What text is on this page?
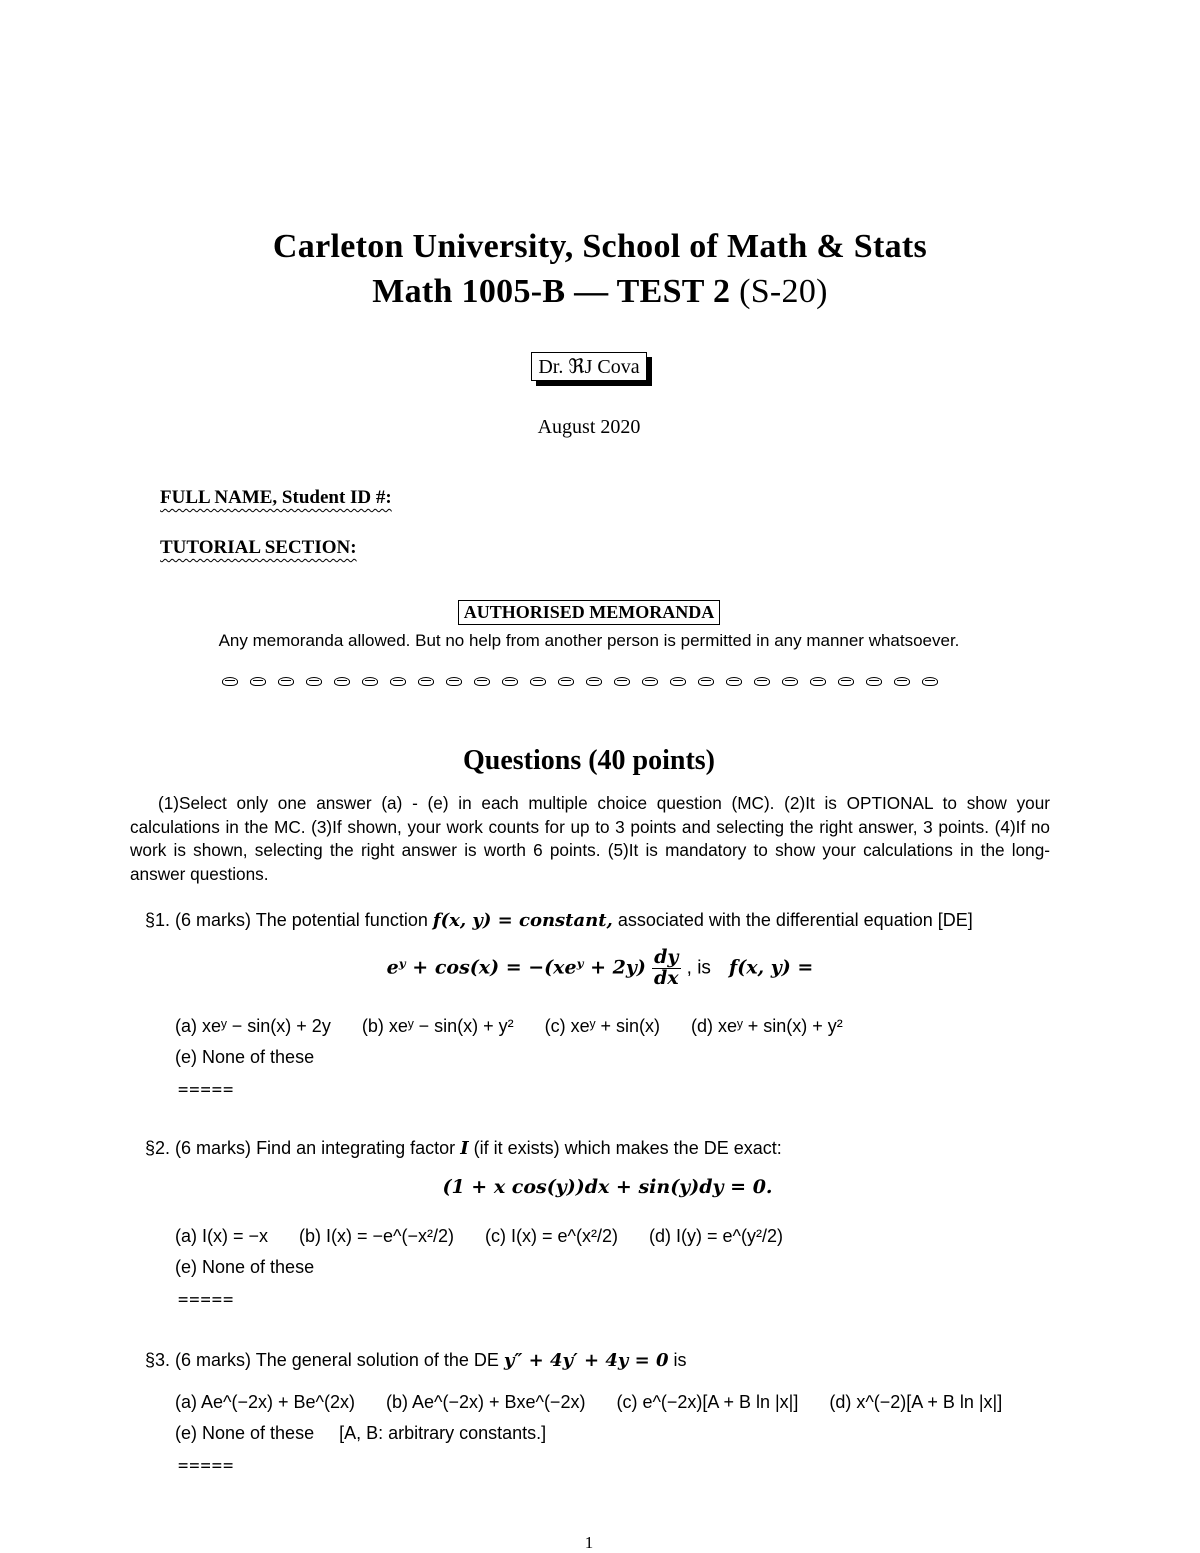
Carleton University, School of Math & Stats
Math 1005-B — TEST 2 (S-20)
Dr. ℜJ Cova
August 2020
FULL NAME, Student ID #:
TUTORIAL SECTION:
AUTHORISED MEMORANDA
Any memoranda allowed. But no help from another person is permitted in any manner whatsoever.
Questions (40 points)
(1)Select only one answer (a) - (e) in each multiple choice question (MC). (2)It is OPTIONAL to show your calculations in the MC. (3)If shown, your work counts for up to 3 points and selecting the right answer, 3 points. (4)If no work is shown, selecting the right answer is worth 6 points. (5)It is mandatory to show your calculations in the long-answer questions.
§1. (6 marks) The potential function f(x, y) = constant, associated with the differential equation [DE]
eʸ + cos(x) = −(xeʸ + $2y) \frac{dy}{dx}$ , is f(x, y) =
(a) xeʸ − sin(x) + 2y (b) xeʸ − sin(x) + y² (c) xeʸ + sin(x) (d) xeʸ + sin(x) + y²
(e) None of these
=====
§2. (6 marks) Find an integrating factor I (if it exists) which makes the DE exact:
(1 + x cos(y))dx + sin(y)dy = 0.
(a) I(x) = −x (b) I(x) = −e^(−x²/2) (c) I(x) = e^(x²/2) (d) I(y) = e^(y²/2)
(e) None of these
=====
§3. (6 marks) The general solution of the DE y″ + 4y′ + 4y = 0 is
(a) Ae^(−2x) + Be^(2x) (b) Ae^(−2x) + Bxe^(−2x) (c) e^(−2x)[A + B ln |x|] (d) x^(−2)[A + B ln |x|]
(e) None of these [A, B: arbitrary constants.]
=====
1
